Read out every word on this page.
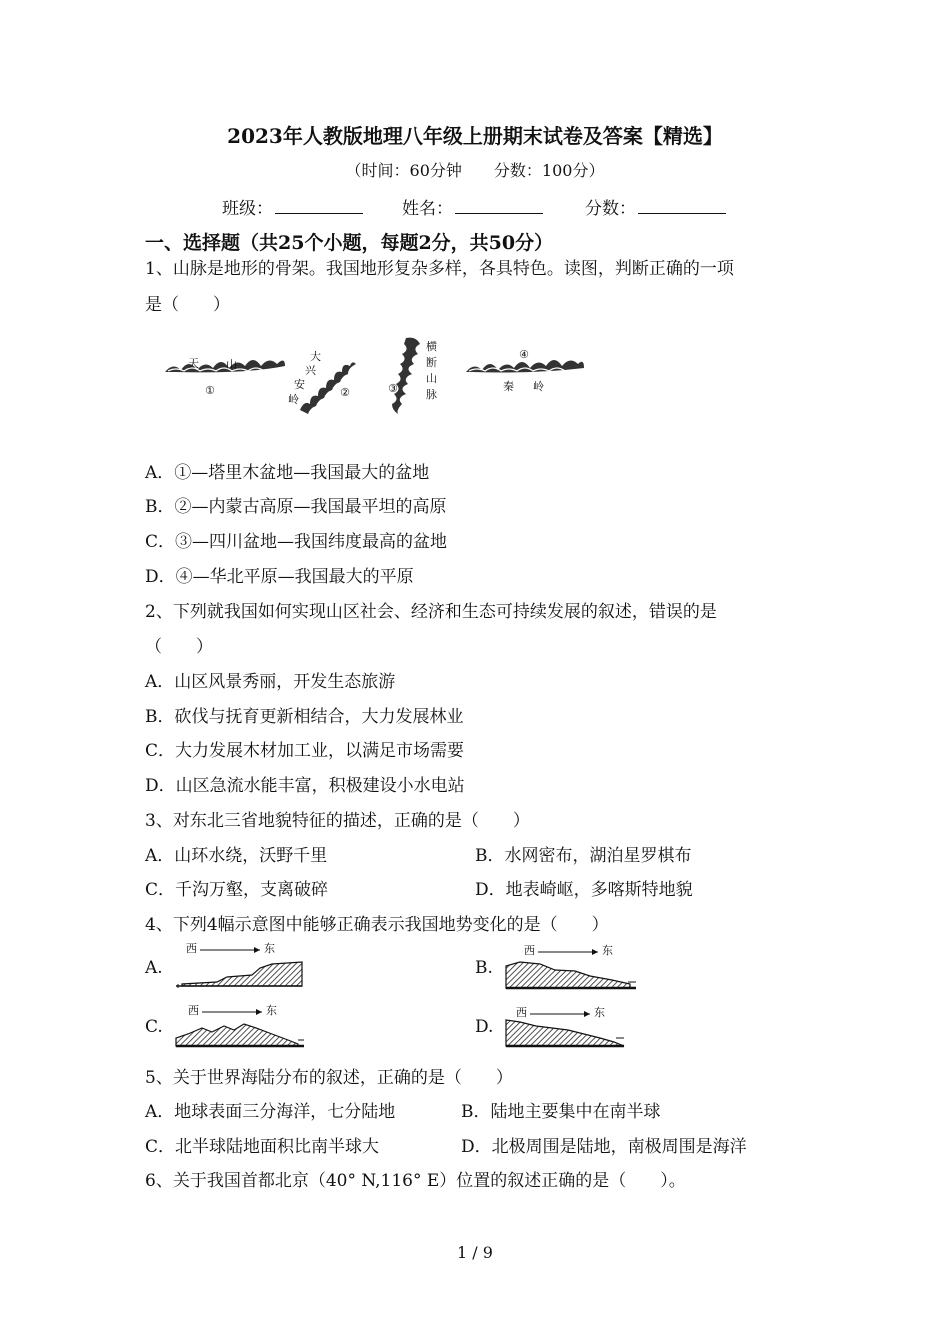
2023年人教版地理八年级上册期末试卷及答案【精选】
（时间：60分钟　　分数：100分）
班级：	姓名：	分数：
一、选择题（共25个小题，每题2分，共50分）
1、山脉是地形的骨架。我国地形复杂多样，各具特色。读图，判断正确的一项
是（　　）
天 山
①
大
兴
安
岭
②
横
断
山
脉
③
④
秦 岭
A．①—塔里木盆地—我国最大的盆地
B．②—内蒙古高原—我国最平坦的高原
C．③—四川盆地—我国纬度最高的盆地
D．④—华北平原—我国最大的平原
2、下列就我国如何实现山区社会、经济和生态可持续发展的叙述，错误的是
（　　）
A．山区风景秀丽，开发生态旅游
B．砍伐与抚育更新相结合，大力发展林业
C．大力发展木材加工业，以满足市场需要
D．山区急流水能丰富，积极建设小水电站
3、对东北三省地貌特征的描述，正确的是（　　）
A．山环水绕，沃野千里	B．水网密布，湖泊星罗棋布
C．千沟万壑，支离破碎	D．地表崎岖，多喀斯特地貌
4、下列4幅示意图中能够正确表示我国地势变化的是（　　）
A.
西	东
B.
西	东
C.
西	东
D.
西	东
5、关于世界海陆分布的叙述，正确的是（　　）
A．地球表面三分海洋，七分陆地	B．陆地主要集中在南半球
C．北半球陆地面积比南半球大	D．北极周围是陆地，南极周围是海洋
6、关于我国首都北京（40° N,116° E）位置的叙述正确的是（　　）。
1 / 9
